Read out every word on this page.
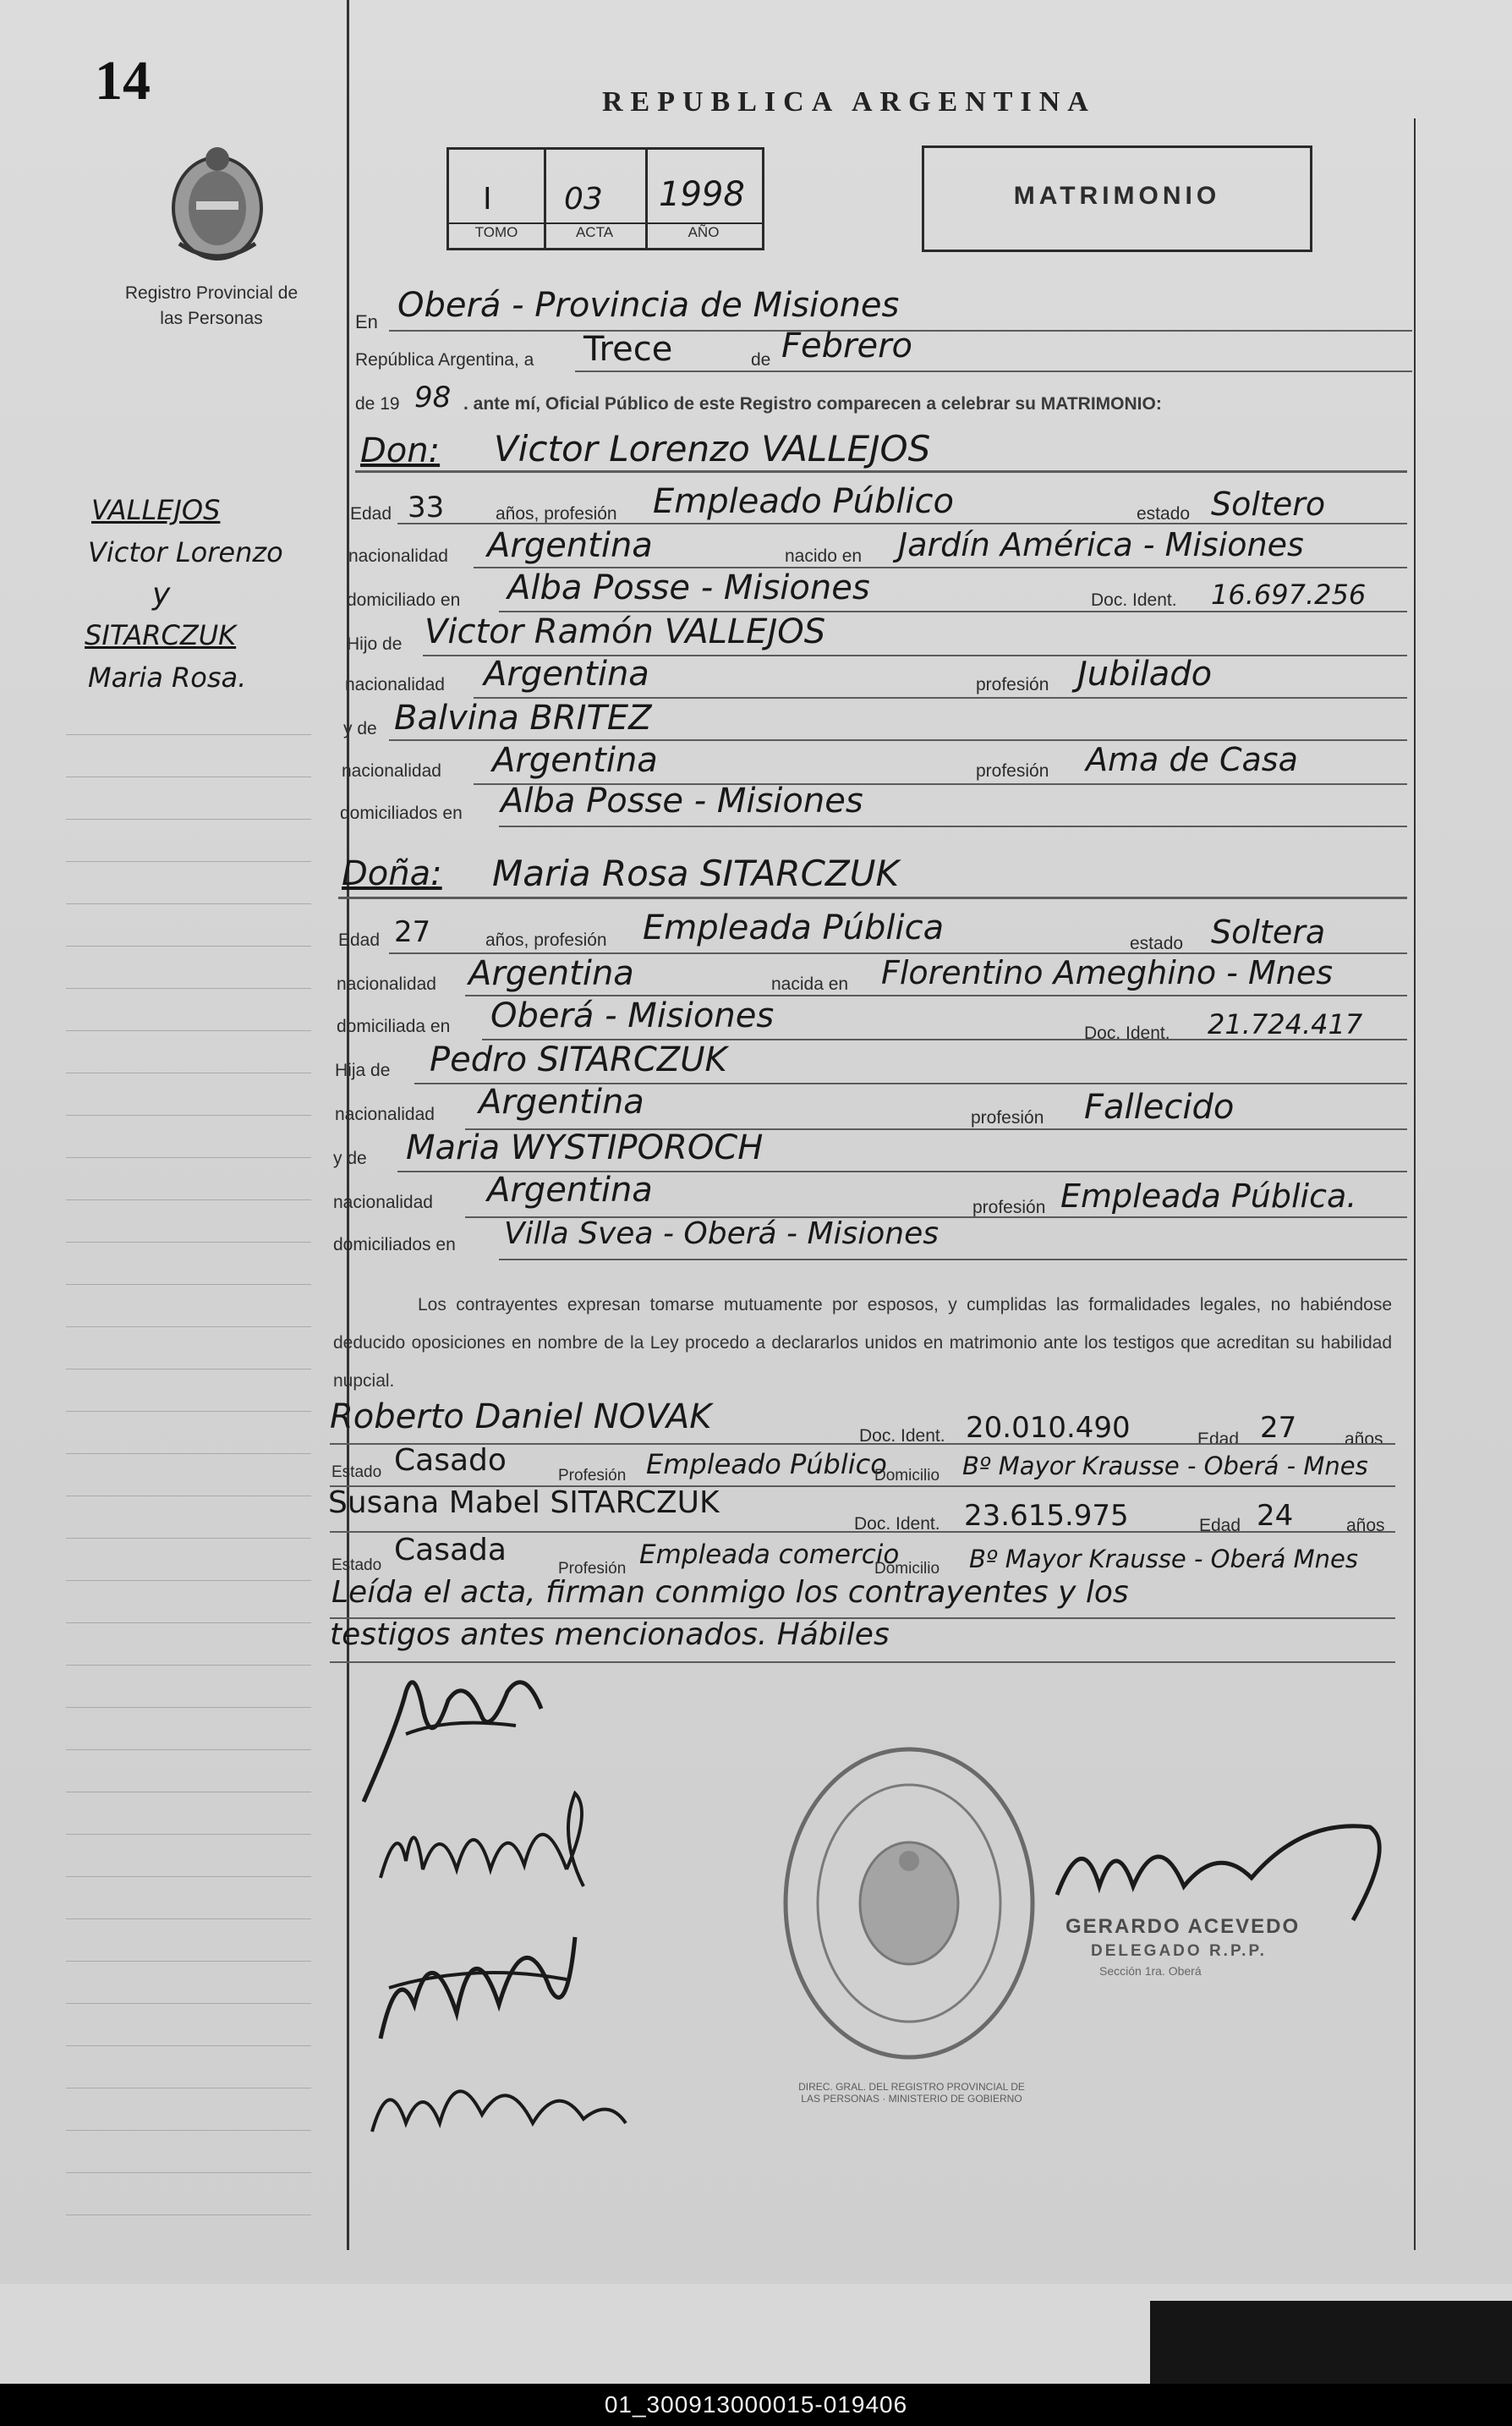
14
Registro Provincial de las Personas
REPUBLICA ARGENTINA
I
TOMO
03
ACTA
1998
AÑO
MATRIMONIO
VALLEJOS
Victor Lorenzo
y
SITARCZUK
Maria Rosa.
En Oberá - Provincia de Misiones
República Argentina, a Trece	de Febrero
de 19 98 . ante mí, Oficial Público de este Registro comparecen a celebrar su MATRIMONIO:
Don: Victor Lorenzo VALLEJOS
Edad 33	años, profesión Empleado Público	estado Soltero
nacionalidad Argentina	nacido en Jardín América - Misiones
domiciliado en Alba Posse - Misiones	Doc. Ident. 16.697.256
Hijo de Victor Ramón VALLEJOS
nacionalidad Argentina	profesión Jubilado
y de Balvina BRITEZ
nacionalidad Argentina	profesión Ama de Casa
domiciliados en Alba Posse - Misiones
Doña: Maria Rosa SITARCZUK
Edad 27	años, profesión Empleada Pública	estado Soltera
nacionalidad Argentina	nacida en Florentino Ameghino - Mnes
domiciliada en Oberá - Misiones	Doc. Ident. 21.724.417
Hija de Pedro SITARCZUK
nacionalidad Argentina	profesión Fallecido
y de Maria WYSTIPOROCH
nacionalidad Argentina	profesión Empleada Pública.
domiciliados en Villa Svea - Oberá - Misiones
Los contrayentes expresan tomarse mutuamente por esposos, y cumplidas las formalidades legales, no habiéndose deducido oposiciones en nombre de la Ley procedo a declararlos unidos en matrimonio ante los testigos que acreditan su habilidad nupcial.
Roberto Daniel NOVAK	Doc. Ident. 20.010.490	Edad 27	años
Estado Casado	Profesión Empleado Público
Domicilio Bº Mayor Krausse - Oberá - Mnes
Susana Mabel SITARCZUK
Doc. Ident. 23.615.975	Edad 24	años
Estado Casada
Profesión Empleada comercio
Domicilio Bº Mayor Krausse - Oberá Mnes
Leída el acta, firman conmigo los contrayentes y los
testigos antes mencionados. Hábiles
DIREC. GRAL. DEL REGISTRO PROVINCIAL DE LAS PERSONAS · MINISTERIO DE GOBIERNO
GERARDO ACEVEDO
DELEGADO R.P.P.
Sección 1ra. Oberá
01_300913000015-019406
